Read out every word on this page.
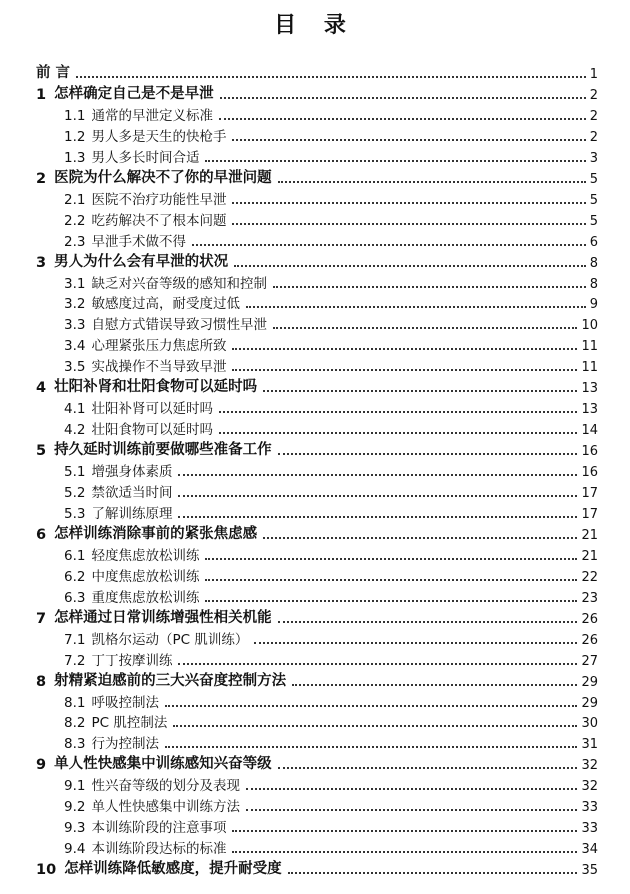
目 录
前 言	1
1 怎样确定自己是不是早泄	2
1.1 通常的早泄定义标准	2
1.2 男人多是天生的快枪手	2
1.3 男人多长时间合适	3
2 医院为什么解决不了你的早泄问题	5
2.1 医院不治疗功能性早泄	5
2.2 吃药解决不了根本问题	5
2.3 早泄手术做不得	6
3 男人为什么会有早泄的状况	8
3.1 缺乏对兴奋等级的感知和控制	8
3.2 敏感度过高，耐受度过低	9
3.3 自慰方式错误导致习惯性早泄	10
3.4 心理紧张压力焦虑所致	11
3.5 实战操作不当导致早泄	11
4 壮阳补肾和壮阳食物可以延时吗	13
4.1 壮阳补肾可以延时吗	13
4.2 壮阳食物可以延时吗	14
5 持久延时训练前要做哪些准备工作	16
5.1 增强身体素质	16
5.2 禁欲适当时间	17
5.3 了解训练原理	17
6 怎样训练消除事前的紧张焦虑感	21
6.1 轻度焦虑放松训练	21
6.2 中度焦虑放松训练	22
6.3 重度焦虑放松训练	23
7 怎样通过日常训练增强性相关机能	26
7.1 凯格尔运动（PC 肌训练）	26
7.2 丁丁按摩训练	27
8 射精紧迫感前的三大兴奋度控制方法	29
8.1 呼吸控制法	29
8.2 PC 肌控制法	30
8.3 行为控制法	31
9 单人性快感集中训练感知兴奋等级	32
9.1 性兴奋等级的划分及表现	32
9.2 单人性快感集中训练方法	33
9.3 本训练阶段的注意事项	33
9.4 本训练阶段达标的标准	34
10 怎样训练降低敏感度，提升耐受度	35
